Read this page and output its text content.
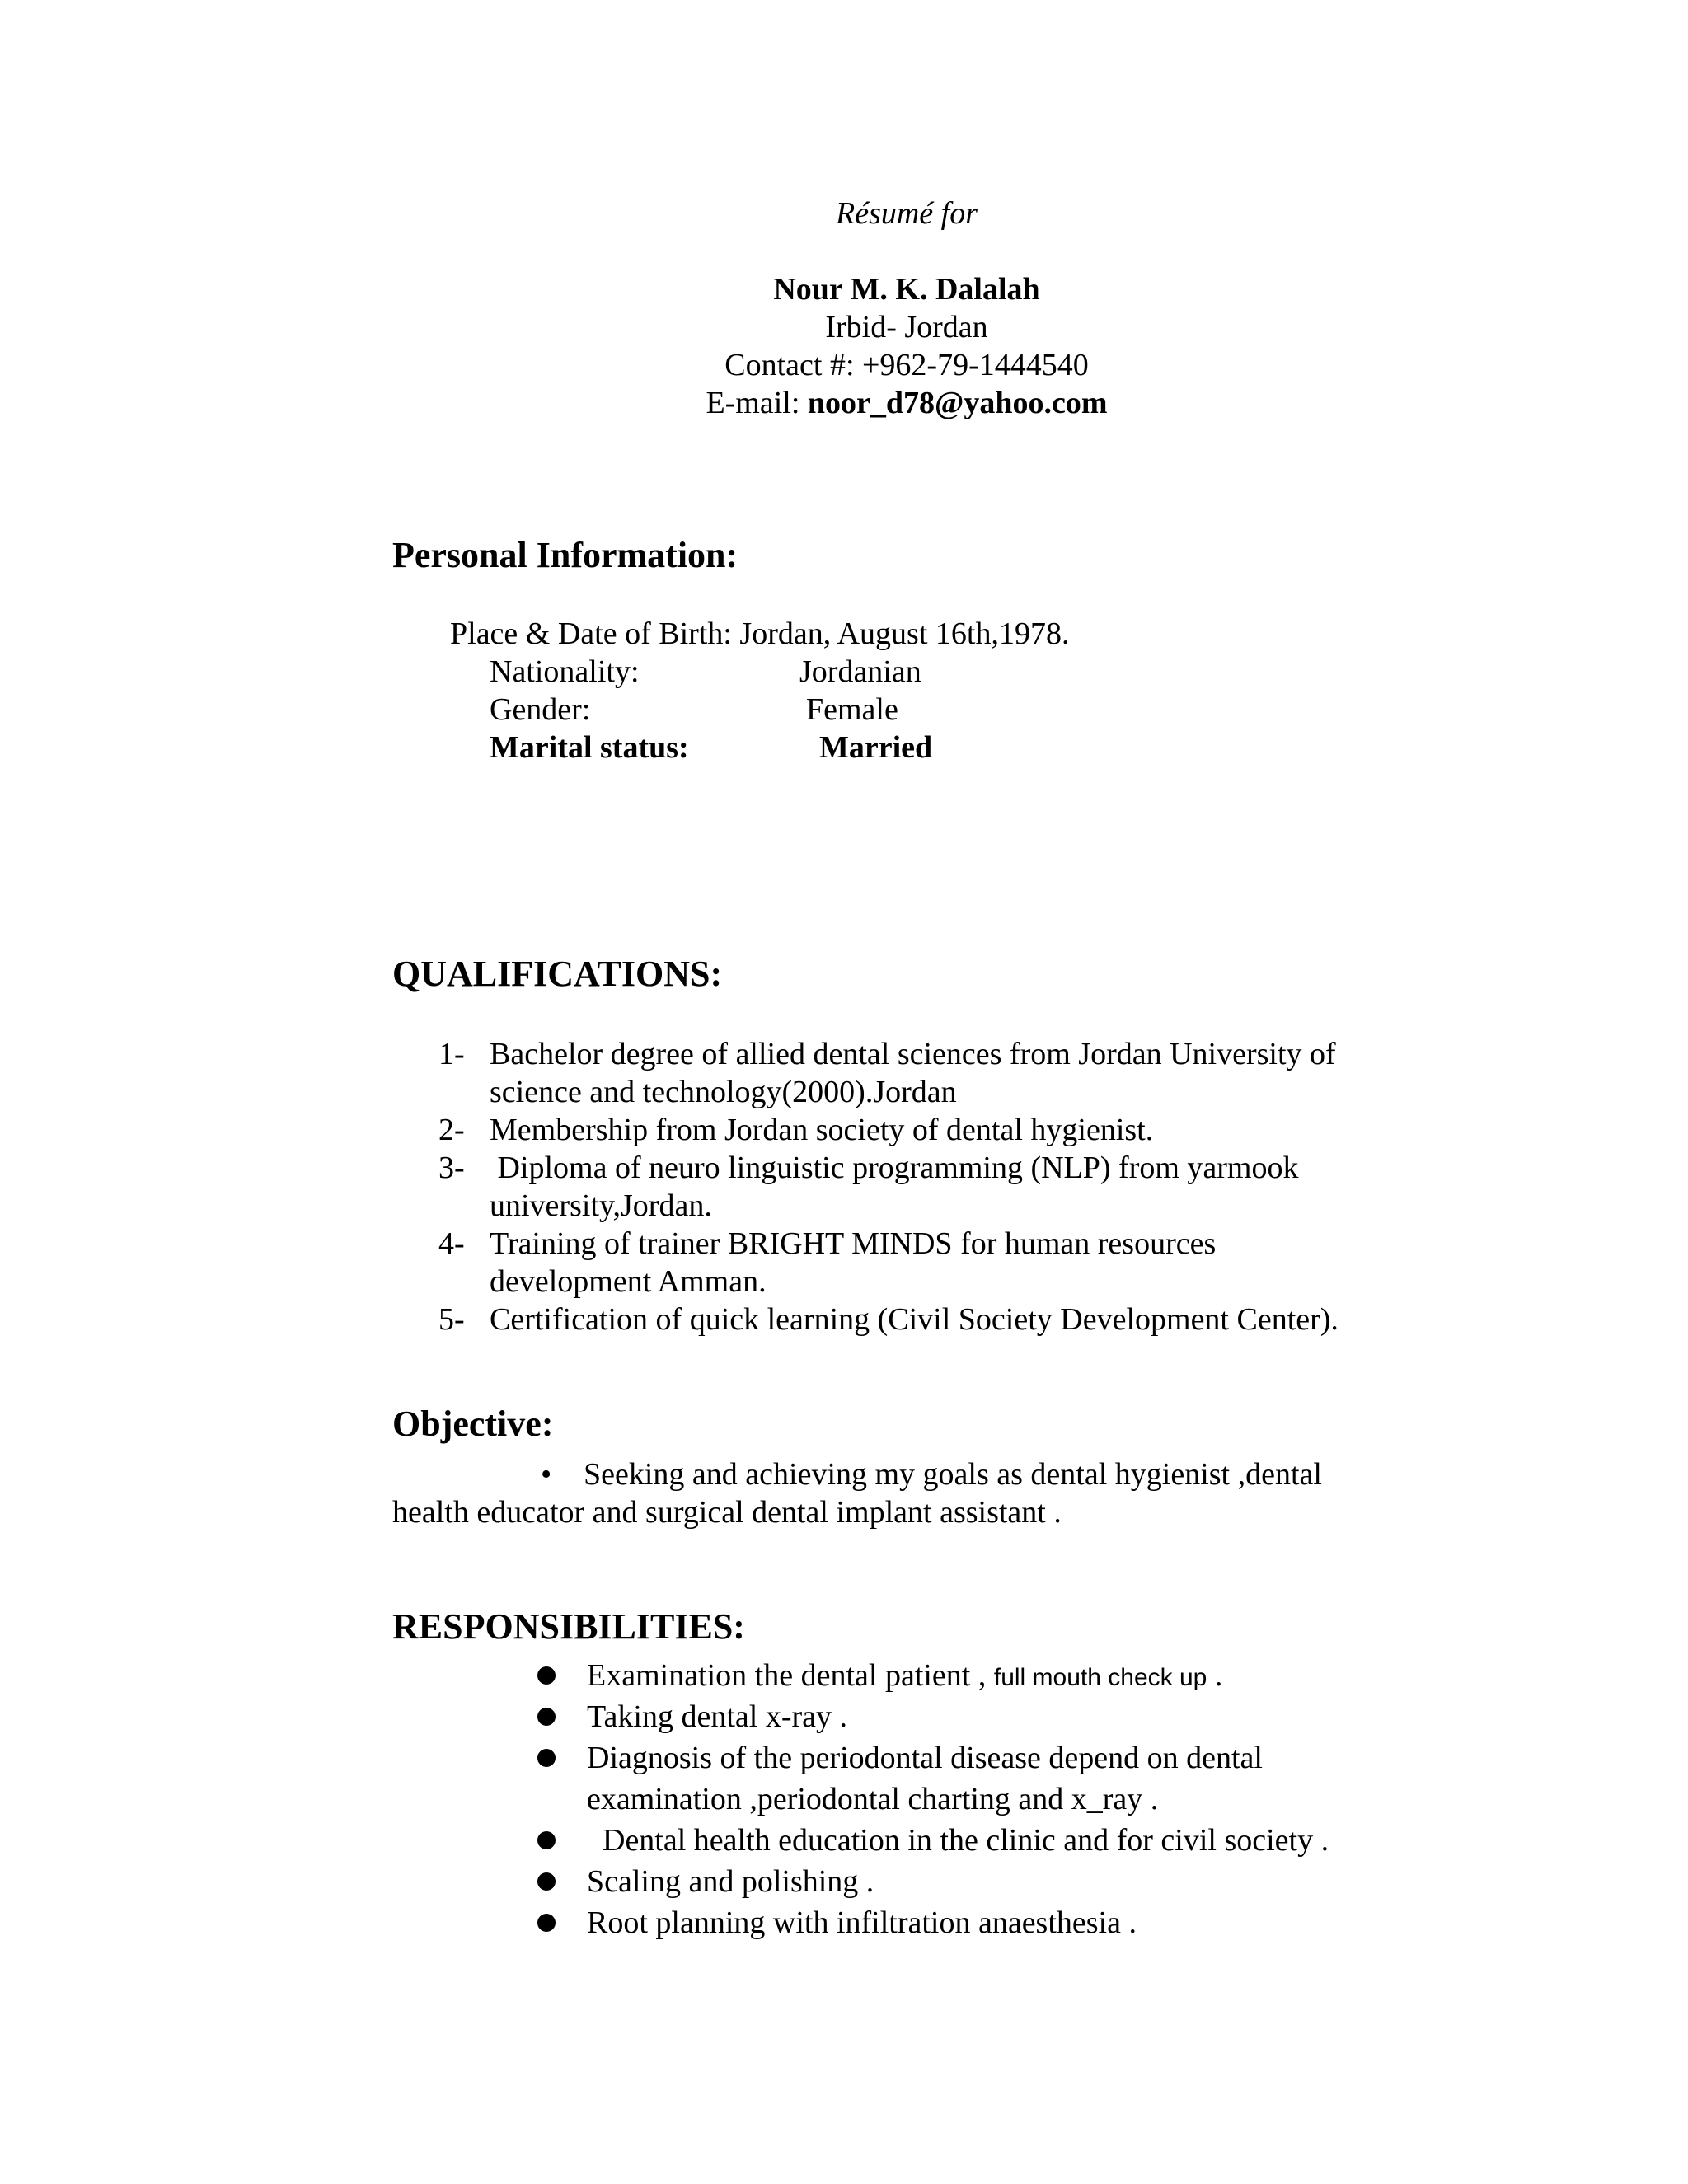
Résumé for
Nour M. K. Dalalah
Irbid- Jordan
Contact #: +962-79-1444540
E-mail: noor_d78@yahoo.com
Personal Information:
Place & Date of Birth: Jordan, August 16th,1978.
Nationality:	Jordanian
Gender:	Female
Marital status:	Married
QUALIFICATIONS:
1- Bachelor degree of allied dental sciences from Jordan University of
science and technology(2000).Jordan
2- Membership from Jordan society of dental hygienist.
3- Diploma of neuro linguistic programming (NLP) from yarmook
university,Jordan.
4- Training of trainer BRIGHT MINDS for human resources
development Amman.
5- Certification of quick learning (Civil Society Development Center).
Objective:
• Seeking and achieving my goals as dental hygienist ,dental
health educator and surgical dental implant assistant .
RESPONSIBILITIES:
Examination the dental patient , full mouth check up .
Taking dental x-ray .
Diagnosis of the periodontal disease depend on dental
examination ,periodontal charting and x_ray .
Dental health education in the clinic and for civil society .
Scaling and polishing .
Root planning with infiltration anaesthesia .
